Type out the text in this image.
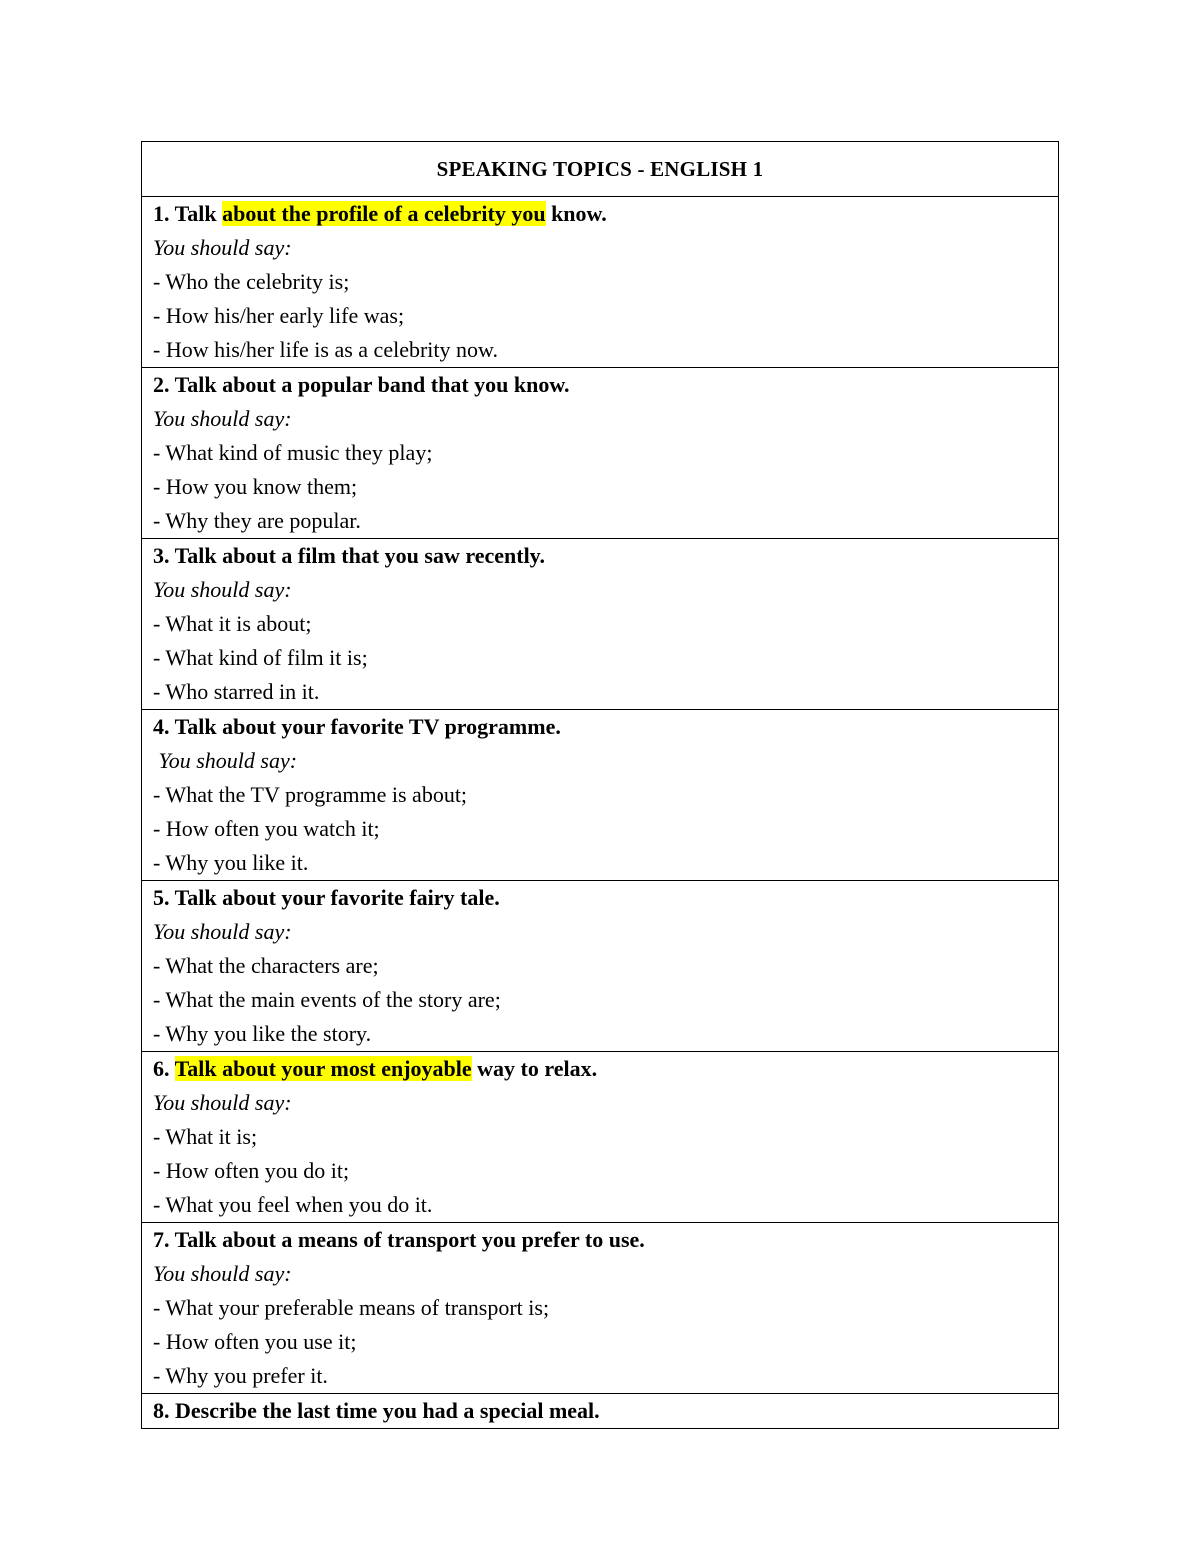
SPEAKING TOPICS - ENGLISH 1

1. Talk about the profile of a celebrity you know.
You should say:
- Who the celebrity is;
- How his/her early life was;
- How his/her life is as a celebrity now.

2. Talk about a popular band that you know.
You should say:
- What kind of music they play;
- How you know them;
- Why they are popular.

3. Talk about a film that you saw recently.
You should say:
- What it is about;
- What kind of film it is;
- Who starred in it.

4. Talk about your favorite TV programme.
You should say:
- What the TV programme is about;
- How often you watch it;
- Why you like it.

5. Talk about your favorite fairy tale.
You should say:
- What the characters are;
- What the main events of the story are;
- Why you like the story.

6. Talk about your most enjoyable way to relax.
You should say:
- What it is;
- How often you do it;
- What you feel when you do it.

7. Talk about a means of transport you prefer to use.
You should say:
- What your preferable means of transport is;
- How often you use it;
- Why you prefer it.

8. Describe the last time you had a special meal.
